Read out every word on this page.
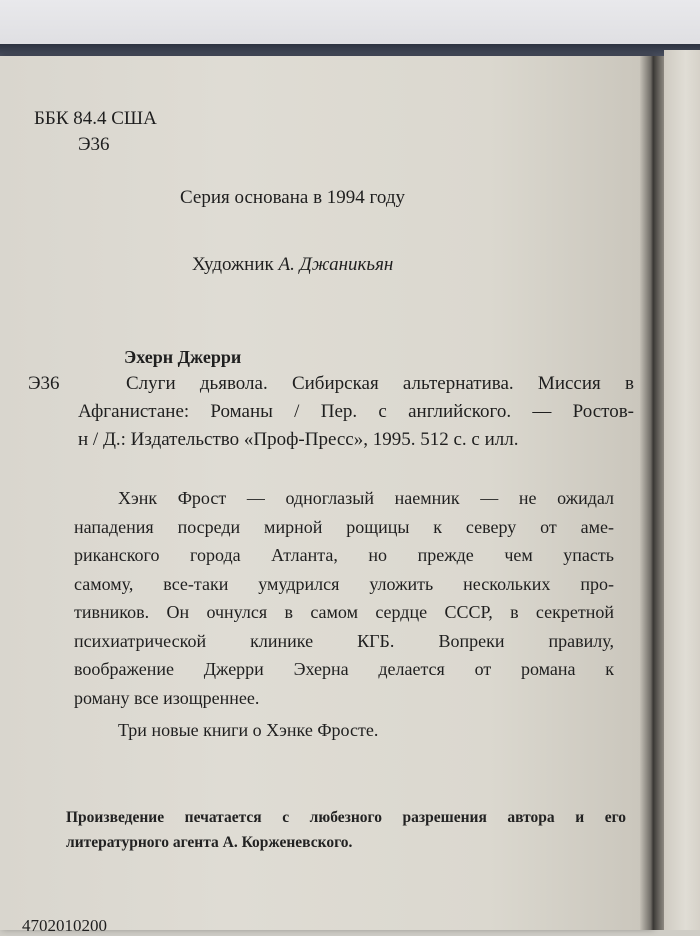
ББК 84.4 США

Э36

Серия основана в 1994 году

Художник А. Джаникьян

Эхерн Джерри

Э36	Слуги дьявола. Сибирская альтернатива. Миссия в
Афганистане: Романы / Пер. с английского. — Ростов-
н / Д.: Издательство «Проф-Пресс», 1995. 512 с. с илл.
Хэнк Фрост — одноглазый наемник — не ожидал
нападения посреди мирной рощицы к северу от аме-
риканского города Атланта, но прежде чем упасть
самому, все-таки умудрился уложить нескольких про-
тивников. Он очнулся в самом сердце СССР, в секретной
психиатрической клинике КГБ. Вопреки правилу,
воображение Джерри Эхерна делается от романа к
роману все изощреннее.
Три новые книги о Хэнке Фросте.
Произведение печатается с любезного разрешения автора и его
литературного агента А. Корженевского.

4702010200
